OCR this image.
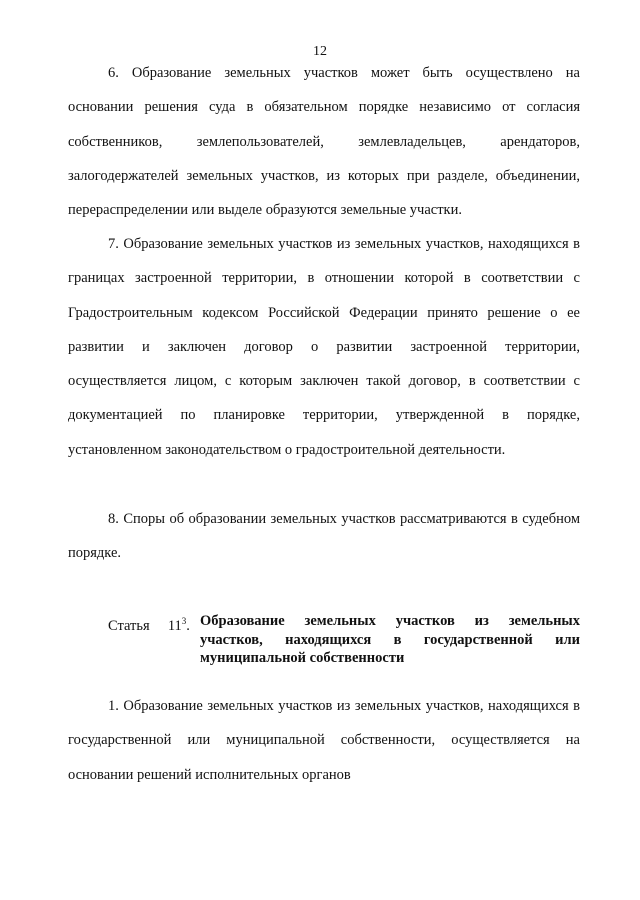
12

6. Образование земельных участков может быть осуществлено на основании решения суда в обязательном порядке независимо от согласия собственников, землепользователей, землевладельцев, арендаторов, залогодержателей земельных участков, из которых при разделе, объединении, перераспределении или выделе образуются земельные участки.

7. Образование земельных участков из земельных участков, находящихся в границах застроенной территории, в отношении которой в соответствии с Градостроительным кодексом Российской Федерации принято решение о ее развитии и заключен договор о развитии застроенной территории, осуществляется лицом, с которым заключен такой договор, в соответствии с документацией по планировке территории, утвержденной в порядке, установленном законодательством о градостроительной деятельности.

8. Споры об образовании земельных участков рассматриваются в судебном порядке.

Статья $11^3$. Образование земельных участков из земельных участков, находящихся в государственной или
муниципальной собственности

1. Образование земельных участков из земельных участков, находящихся в государственной или муниципальной собственности, осуществляется на основании решений исполнительных органов
